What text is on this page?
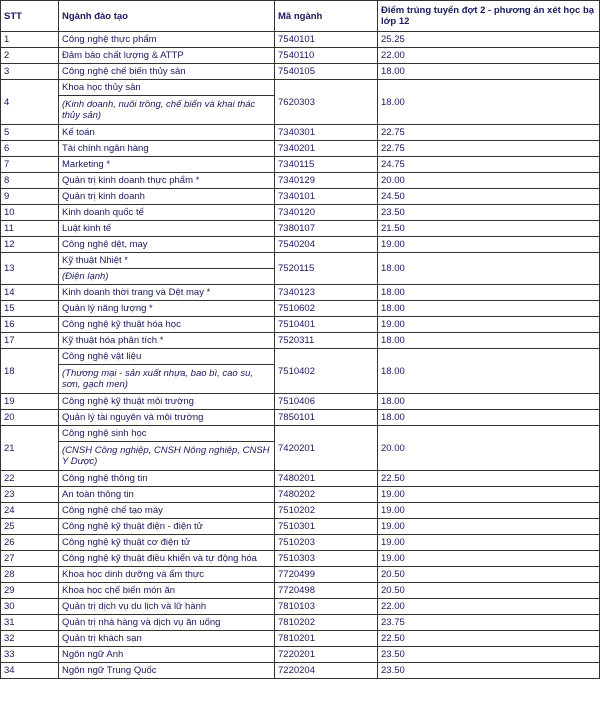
STT	Ngành đào tạo	Mã ngành	Điểm trúng tuyển đợt 2 - phương án xét học bạ lớp 12
1	Công nghệ thực phẩm	7540101	25.25
2	Đảm bảo chất lượng & ATTP	7540110	22.00
3	Công nghệ chế biến thủy sản	7540105	18.00
4	Khoa học thủy sản	7620303	18.00
	(Kinh doanh, nuôi trồng, chế biến và khai thác thủy sản)		
5	Kế toán	7340301	22.75
6	Tài chính ngân hàng	7340201	22.75
7	Marketing *	7340115	24.75
8	Quản trị kinh doanh thực phẩm *	7340129	20.00
9	Quản trị kinh doanh	7340101	24.50
10	Kinh doanh quốc tế	7340120	23.50
11	Luật kinh tế	7380107	21.50
12	Công nghệ dệt, may	7540204	19.00
13	Kỹ thuật Nhiệt *	7520115	18.00
	(Điện lạnh)		
14	Kinh doanh thời trang và Dệt may *	7340123	18.00
15	Quản lý năng lượng *	7510602	18.00
16	Công nghệ kỹ thuật hóa học	7510401	19.00
17	Kỹ thuật hóa phân tích *	7520311	18.00
18	Công nghệ vật liệu	7510402	18.00
	(Thương mại - sản xuất nhựa, bao bì, cao su, sơn, gạch men)		
19	Công nghệ kỹ thuật môi trường	7510406	18.00
20	Quản lý tài nguyên và môi trường	7850101	18.00
21	Công nghệ sinh học	7420201	20.00
	(CNSH Công nghiệp, CNSH Nông nghiệp, CNSH Y Dược)		
22	Công nghệ thông tin	7480201	22.50
23	An toàn thông tin	7480202	19.00
24	Công nghệ chế tạo máy	7510202	19.00
25	Công nghệ kỹ thuật điện - điện tử	7510301	19.00
26	Công nghệ kỹ thuật cơ điện tử	7510203	19.00
27	Công nghệ kỹ thuật điều khiển và tự động hóa	7510303	19.00
28	Khoa học dinh dưỡng và ẩm thực	7720499	20.50
29	Khoa học chế biến món ăn	7720498	20.50
30	Quản trị dịch vụ du lịch và lữ hành	7810103	22.00
31	Quản trị nhà hàng và dịch vụ ăn uống	7810202	23.75
32	Quản trị khách sạn	7810201	22.50
33	Ngôn ngữ Anh	7220201	23.50
34	Ngôn ngữ Trung Quốc	7220204	23.50
